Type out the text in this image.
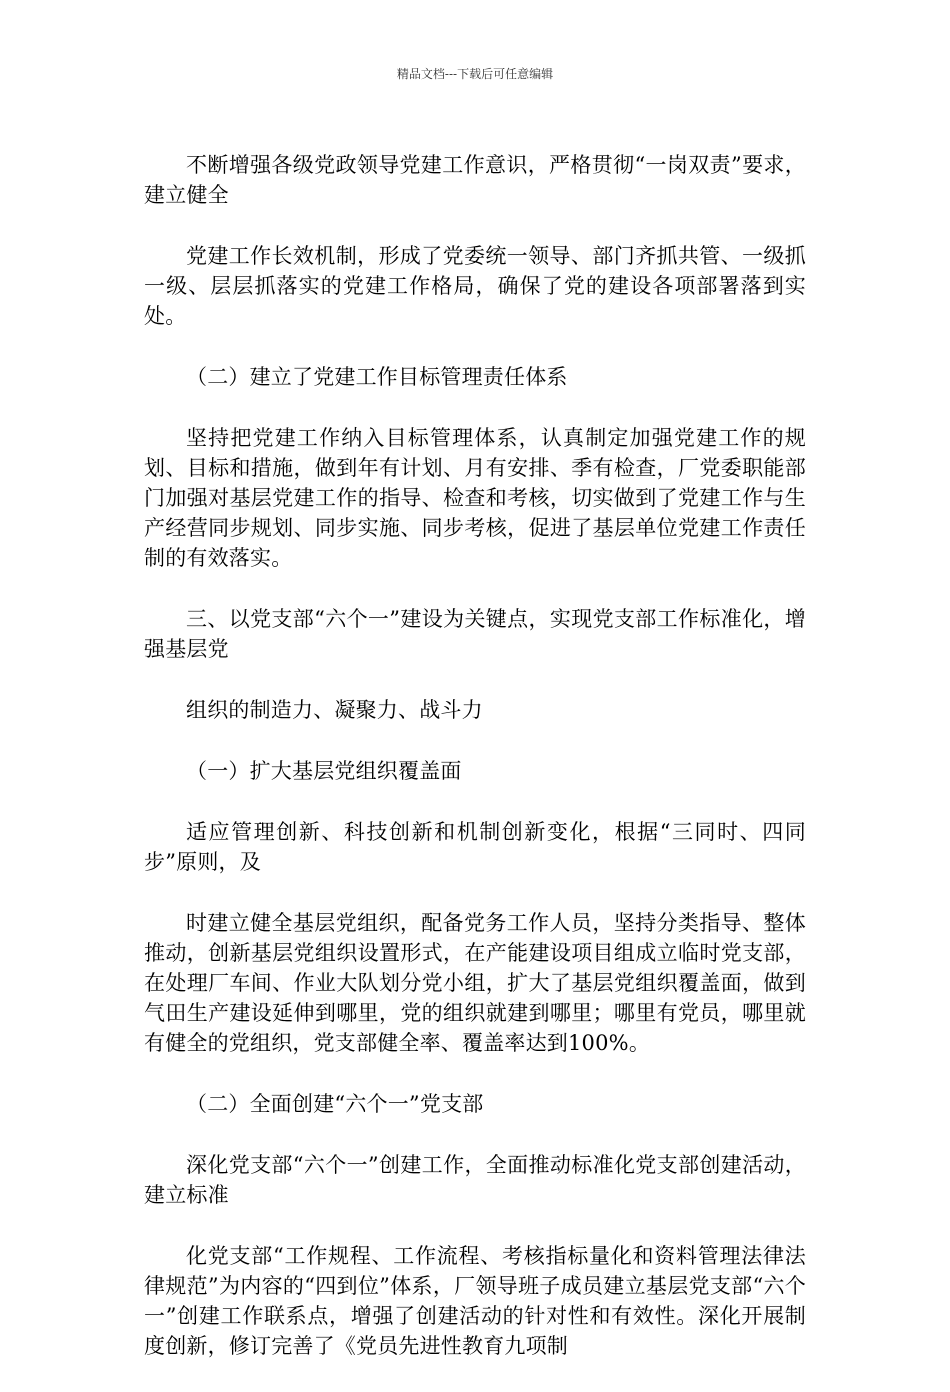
精品文档---下载后可任意编辑

不断增强各级党政领导党建工作意识，严格贯彻“一岗双责”要求，建立健全

党建工作长效机制，形成了党委统一领导、部门齐抓共管、一级抓一级、层层抓落实的党建工作格局，确保了党的建设各项部署落到实处。

（二）建立了党建工作目标管理责任体系

坚持把党建工作纳入目标管理体系，认真制定加强党建工作的规划、目标和措施，做到年有计划、月有安排、季有检查，厂党委职能部门加强对基层党建工作的指导、检查和考核，切实做到了党建工作与生产经营同步规划、同步实施、同步考核，促进了基层单位党建工作责任制的有效落实。

三、以党支部“六个一”建设为关键点，实现党支部工作标准化，增强基层党

组织的制造力、凝聚力、战斗力

（一）扩大基层党组织覆盖面

适应管理创新、科技创新和机制创新变化，根据“三同时、四同步”原则，及

时建立健全基层党组织，配备党务工作人员，坚持分类指导、整体推动，创新基层党组织设置形式，在产能建设项目组成立临时党支部，在处理厂车间、作业大队划分党小组，扩大了基层党组织覆盖面，做到气田生产建设延伸到哪里，党的组织就建到哪里；哪里有党员，哪里就有健全的党组织，党支部健全率、覆盖率达到100%。

（二）全面创建“六个一”党支部

深化党支部“六个一”创建工作，全面推动标准化党支部创建活动，建立标准

化党支部“工作规程、工作流程、考核指标量化和资料管理法律法律规范”为内容的“四到位”体系，厂领导班子成员建立基层党支部“六个一”创建工作联系点，增强了创建活动的针对性和有效性。深化开展制度创新，修订完善了《党员先进性教育九项制
